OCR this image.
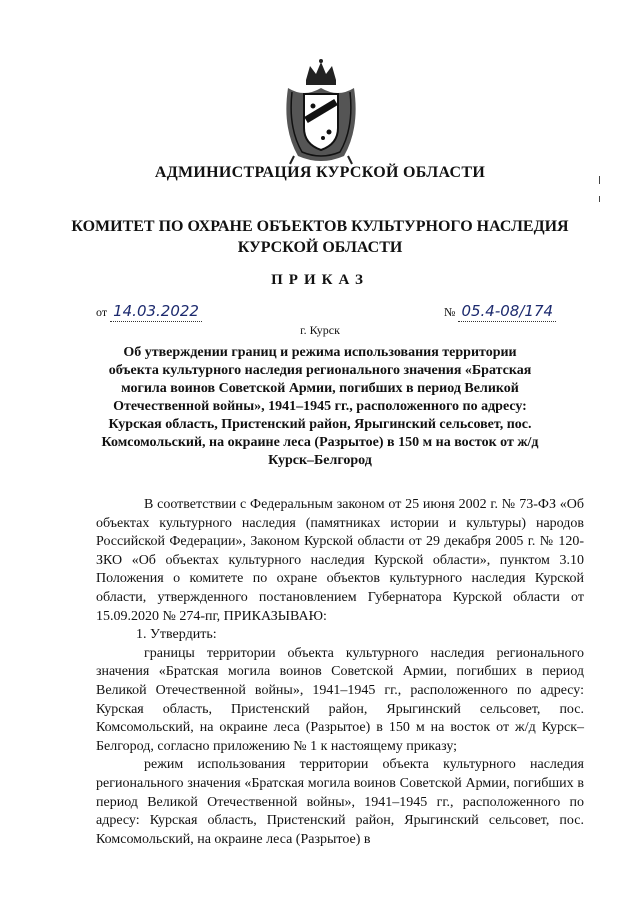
АДМИНИСТРАЦИЯ КУРСКОЙ ОБЛАСТИ
КОМИТЕТ ПО ОХРАНЕ ОБЪЕКТОВ КУЛЬТУРНОГО НАСЛЕДИЯ
КУРСКОЙ ОБЛАСТИ
ПРИКАЗ
от 14.03.2022	№ 05.4-08/174
г. Курск
Об утверждении границ и режима использования территории объекта культурного наследия регионального значения «Братская могила воинов Советской Армии, погибших в период Великой Отечественной войны», 1941–1945 гг., расположенного по адресу: Курская область, Пристенский район, Ярыгинский сельсовет, пос. Комсомольский, на окраине леса (Разрытое) в 150 м на восток от ж/д Курск–Белгород

В соответствии с Федеральным законом от 25 июня 2002 г. № 73-ФЗ «Об объектах культурного наследия (памятниках истории и культуры) народов Российской Федерации», Законом Курской области от 29 декабря 2005 г. № 120-ЗКО «Об объектах культурного наследия Курской области», пунктом 3.10 Положения о комитете по охране объектов культурного наследия Курской области, утвержденного постановлением Губернатора Курской области от 15.09.2020 № 274-пг, ПРИКАЗЫВАЮ:

1. Утвердить:

границы территории объекта культурного наследия регионального значения «Братская могила воинов Советской Армии, погибших в период Великой Отечественной войны», 1941–1945 гг., расположенного по адресу: Курская область, Пристенский район, Ярыгинский сельсовет, пос. Комсомольский, на окраине леса (Разрытое) в 150 м на восток от ж/д Курск–Белгород, согласно приложению № 1 к настоящему приказу;

режим использования территории объекта культурного наследия регионального значения «Братская могила воинов Советской Армии, погибших в период Великой Отечественной войны», 1941–1945 гг., расположенного по адресу: Курская область, Пристенский район, Ярыгинский сельсовет, пос. Комсомольский, на окраине леса (Разрытое) в
